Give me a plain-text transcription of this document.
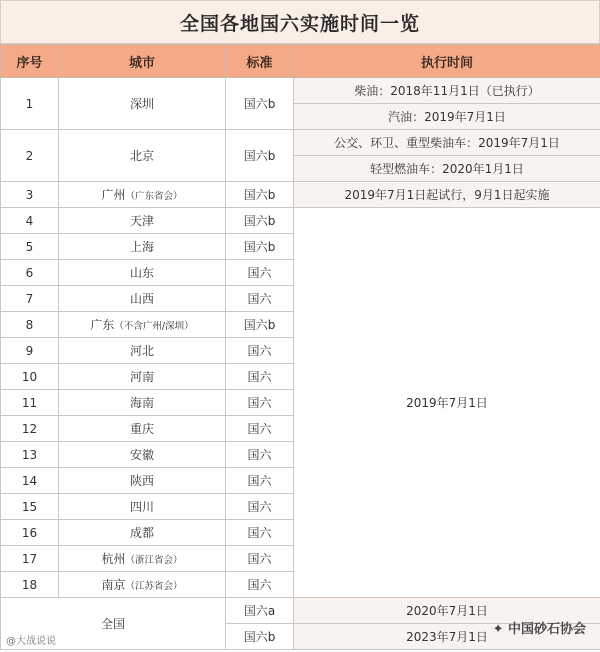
全国各地国六实施时间一览
序号	城市	标准	执行时间
1	深圳	国六b	柴油：2018年11月1日（已执行）
			汽油：2019年7月1日
2	北京	国六b	公交、环卫、重型柴油车：2019年7月1日
			轻型燃油车：2020年1月1日
3	广州（广东省会）	国六b	2019年7月1日起试行，9月1日起实施
4	天津	国六b	2019年7月1日
5	上海	国六b	
6	山东	国六	
7	山西	国六	
8	广东（不含广州/深圳）	国六b	
9	河北	国六	
10	河南	国六	
11	海南	国六	
12	重庆	国六	
13	安徽	国六	
14	陕西	国六	
15	四川	国六	
16	成都	国六	
17	杭州（浙江省会）	国六	
18	南京（江苏省会）	国六	
全国		国六a	2020年7月1日
		国六b	2023年7月1日
@大战说说
✦ 中国砂石协会
